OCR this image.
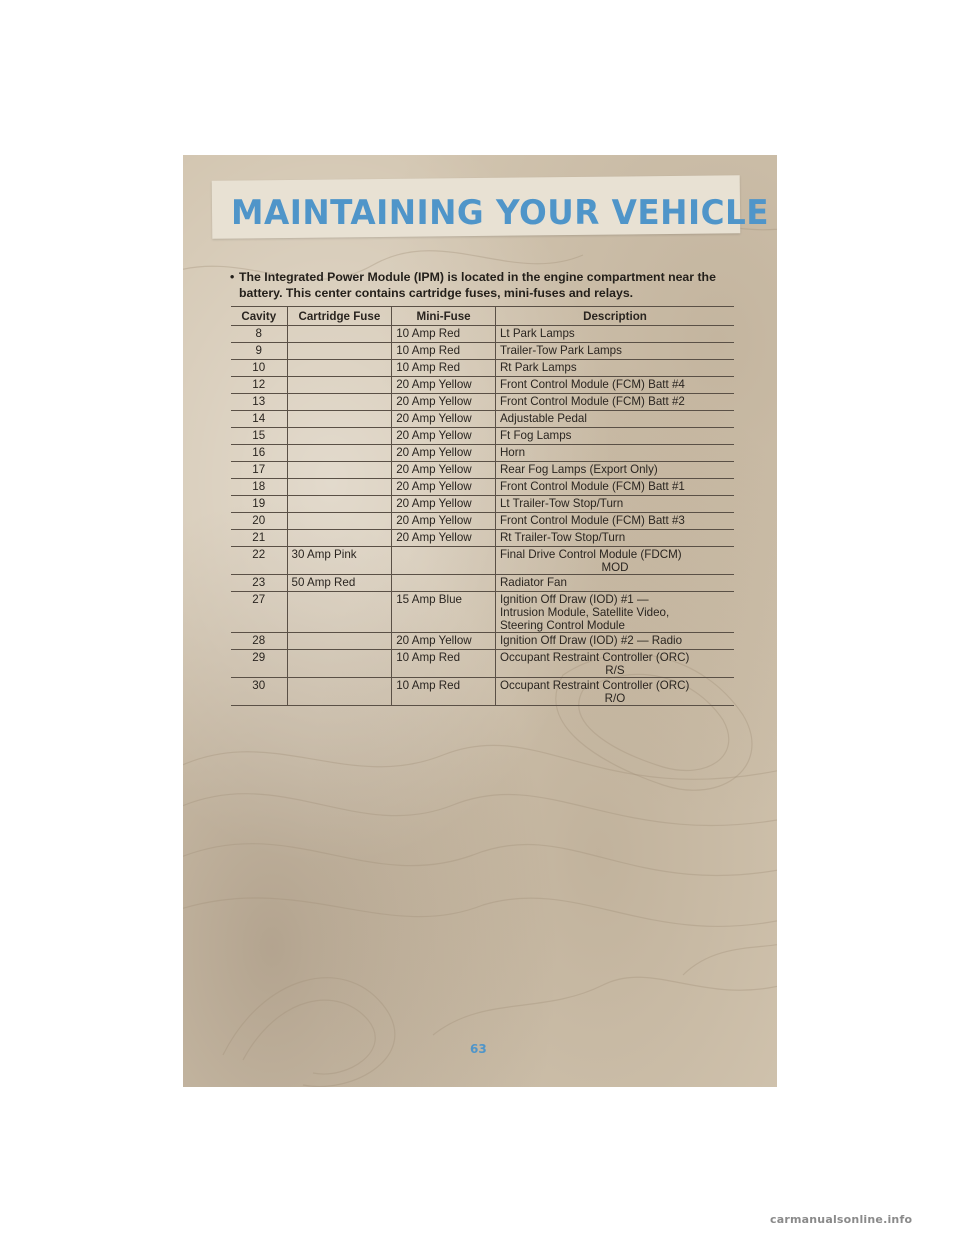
MAINTAINING YOUR VEHICLE
• The Integrated Power Module (IPM) is located in the engine compartment near the battery. This center contains cartridge fuses, mini-fuses and relays.
Cavity	Cartridge Fuse	Mini-Fuse	Description
8		10 Amp Red	Lt Park Lamps

9		10 Amp Red	Trailer-Tow Park Lamps

10		10 Amp Red	Rt Park Lamps

12		20 Amp Yellow	Front Control Module (FCM) Batt #4

13		20 Amp Yellow	Front Control Module (FCM) Batt #2

14		20 Amp Yellow	Adjustable Pedal

15		20 Amp Yellow	Ft Fog Lamps

16		20 Amp Yellow	Horn

17		20 Amp Yellow	Rear Fog Lamps (Export Only)

18		20 Amp Yellow	Front Control Module (FCM) Batt #1

19		20 Amp Yellow	Lt Trailer-Tow Stop/Turn

20		20 Amp Yellow	Front Control Module (FCM) Batt #3

21		20 Amp Yellow	Rt Trailer-Tow Stop/Turn

22	30 Amp Pink		Final Drive Control Module (FDCM)
MOD

23	50 Amp Red		Radiator Fan

27		15 Amp Blue	Ignition Off Draw (IOD) #1 —
Intrusion Module, Satellite Video,
Steering Control Module

28		20 Amp Yellow	Ignition Off Draw (IOD) #2 — Radio

29		10 Amp Red	Occupant Restraint Controller (ORC)
R/S

30		10 Amp Red	Occupant Restraint Controller (ORC)
R/O
63
carmanualsonline.info
